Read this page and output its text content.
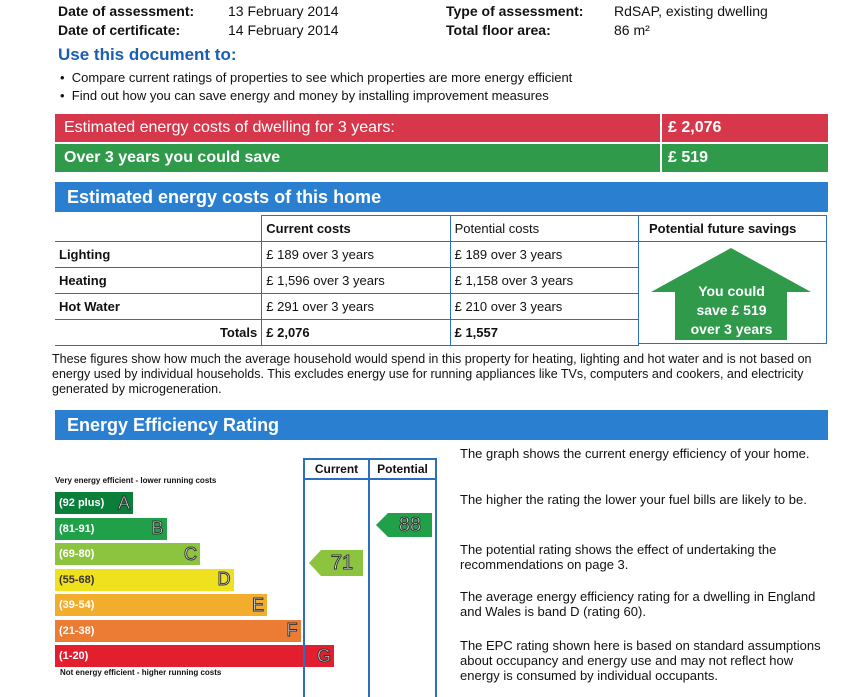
Date of assessment: 13 February 2014
Date of certificate:	14 February 2014
Type of assessment: RdSAP, existing dwelling
Total floor area:	86 m²
Use this document to:
•  Compare current ratings of properties to see which properties are more energy efficient
•  Find out how you can save energy and money by installing improvement measures
Estimated energy costs of dwelling for 3 years:	£ 2,076
Over 3 years you could save	£ 519
Estimated energy costs of this home
	Current costs	Potential costs
Lighting	£ 189 over 3 years	£ 189 over 3 years
Heating	£ 1,596 over 3 years	£ 1,158 over 3 years
Hot Water	£ 291 over 3 years	£ 210 over 3 years
Totals	£ 2,076	£ 1,557
Potential future savings
You could
save £ 519
over 3 years
These figures show how much the average household would spend in this property for heating, lighting and hot water and is not based on energy used by individual households. This excludes energy use for running appliances like TVs, computers and cookers, and electricity generated by microgeneration.
Energy Efficiency Rating
Very energy efficient - lower running costs
Not energy efficient - higher running costs
(92 plus) A
(81-91)	B
(69-80)	C
(55-68)	D
(39-54)	E
(21-38)	F
(1-20)	G
Current	Potential
71
88
The graph shows the current energy efficiency of your home.
The higher the rating the lower your fuel bills are likely to be.
The potential rating shows the effect of undertaking the recommendations on page 3.
The average energy efficiency rating for a dwelling in England and Wales is band D (rating 60).
The EPC rating shown here is based on standard assumptions about occupancy and energy use and may not reflect how energy is consumed by individual occupants.
